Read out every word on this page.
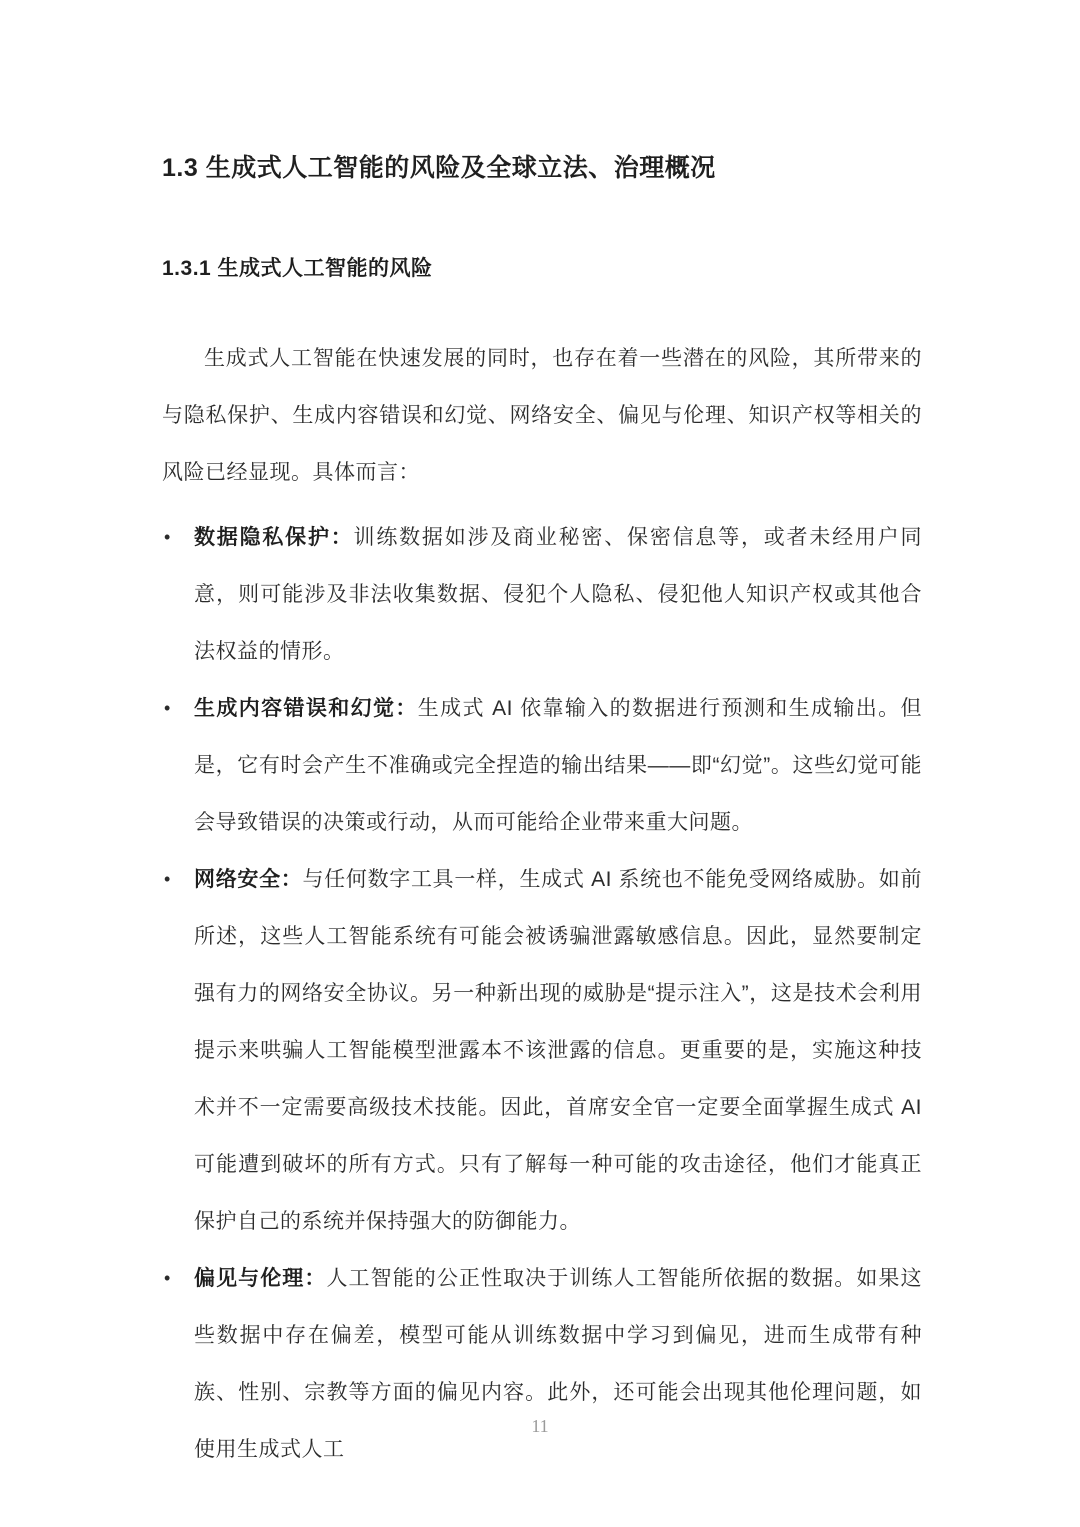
1.3 生成式人工智能的风险及全球立法、治理概况
1.3.1 生成式人工智能的风险

生成式人工智能在快速发展的同时，也存在着一些潜在的风险，其所带来的与隐私保护、生成内容错误和幻觉、网络安全、偏见与伦理、知识产权等相关的风险已经显现。具体而言：

• 数据隐私保护：训练数据如涉及商业秘密、保密信息等，或者未经用户同意，则可能涉及非法收集数据、侵犯个人隐私、侵犯他人知识产权或其他合法权益的情形。
• 生成内容错误和幻觉：生成式 AI 依靠输入的数据进行预测和生成输出。但是，它有时会产生不准确或完全捏造的输出结果——即“幻觉”。这些幻觉可能会导致错误的决策或行动，从而可能给企业带来重大问题。
• 网络安全：与任何数字工具一样，生成式 AI 系统也不能免受网络威胁。如前所述，这些人工智能系统有可能会被诱骗泄露敏感信息。因此，显然要制定强有力的网络安全协议。另一种新出现的威胁是“提示注入”，这是技术会利用提示来哄骗人工智能模型泄露本不该泄露的信息。更重要的是，实施这种技术并不一定需要高级技术技能。因此，首席安全官一定要全面掌握生成式 AI 可能遭到破坏的所有方式。只有了解每一种可能的攻击途径，他们才能真正保护自己的系统并保持强大的防御能力。
• 偏见与伦理：人工智能的公正性取决于训练人工智能所依据的数据。如果这些数据中存在偏差，模型可能从训练数据中学习到偏见，进而生成带有种族、性别、宗教等方面的偏见内容。此外，还可能会出现其他伦理问题，如使用生成式人工
11
